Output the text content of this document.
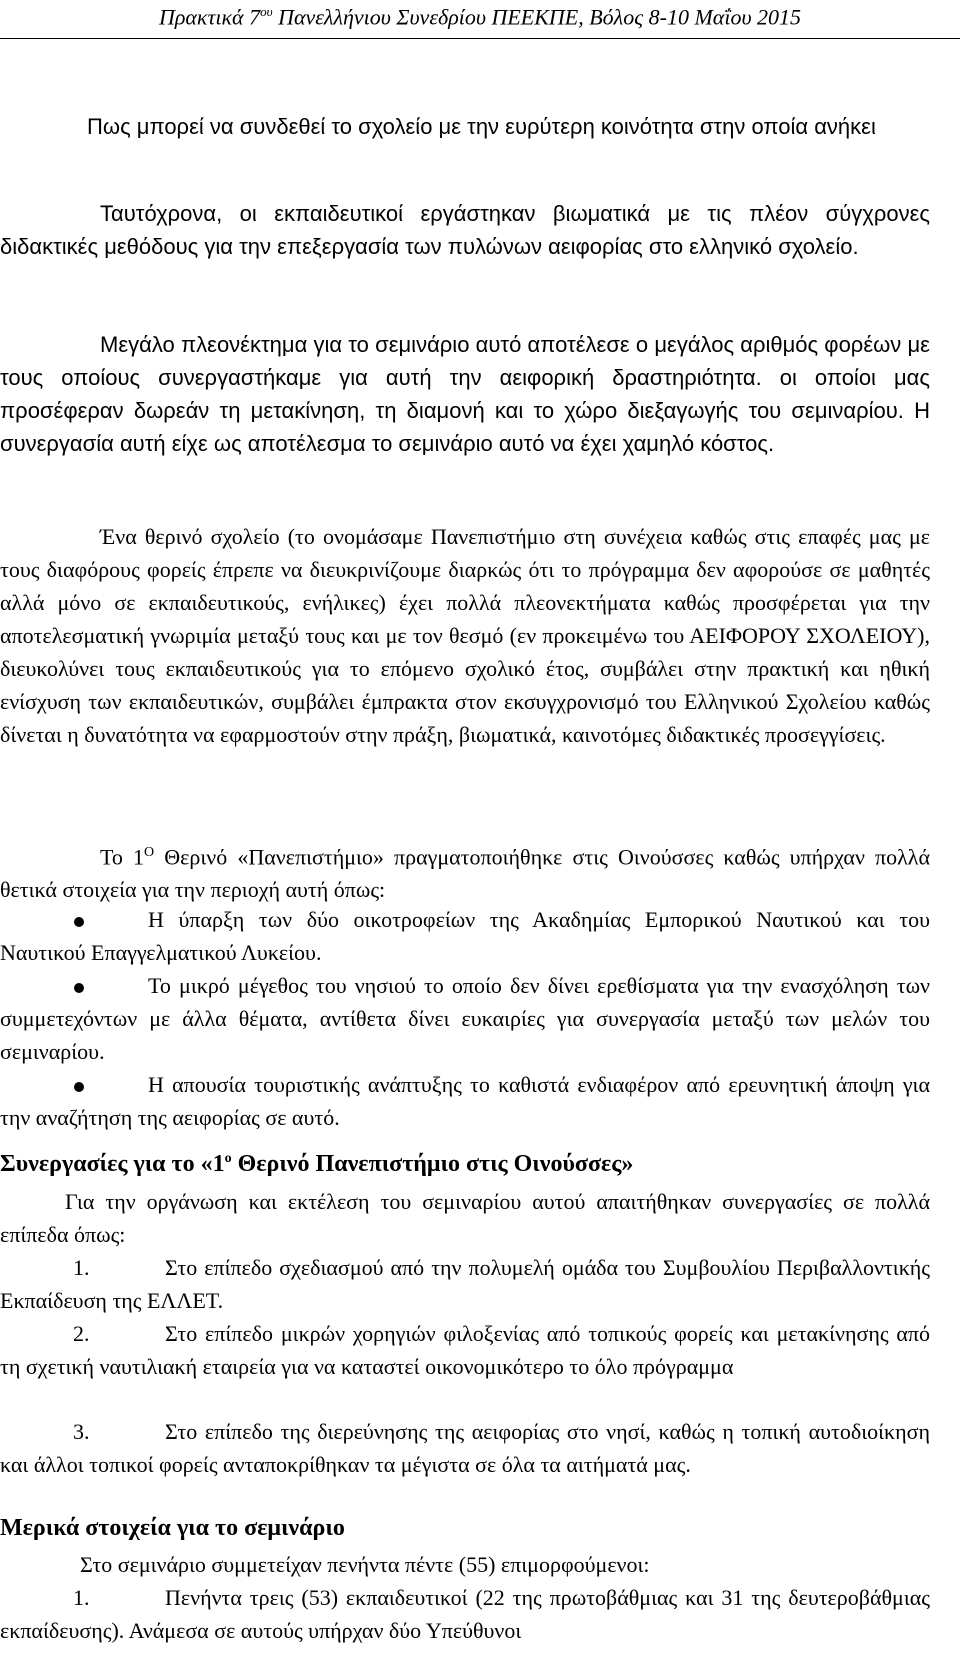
Πρακτικά $7^{o\upsilon}$ Πανελλήνιου Συνεδρίου ΠΕΕΚΠΕ, Βόλος 8-10 Μαΐου 2015
Πως μπορεί να συνδεθεί το σχολείο με την ευρύτερη κοινότητα στην οποία ανήκει
Ταυτόχρονα, οι εκπαιδευτικοί εργάστηκαν βιωματικά με τις πλέον σύγχρονες διδακτικές μεθόδους για την επεξεργασία των πυλώνων αειφορίας στο ελληνικό σχολείο.
Μεγάλο πλεονέκτημα για το σεμινάριο αυτό αποτέλεσε ο μεγάλος αριθμός φορέων με τους οποίους συνεργαστήκαμε για αυτή την αειφορική δραστηριότητα. οι οποίοι μας προσέφεραν δωρεάν τη μετακίνηση, τη διαμονή και το χώρο διεξαγωγής του σεμιναρίου. Η συνεργασία αυτή είχε ως αποτέλεσμα το σεμινάριο αυτό να έχει χαμηλό κόστος.
Ένα θερινό σχολείο (το ονομάσαμε Πανεπιστήμιο στη συνέχεια καθώς στις επαφές μας με τους διαφόρους φορείς έπρεπε να διευκρινίζουμε διαρκώς ότι το πρόγραμμα δεν αφορούσε σε μαθητές αλλά μόνο σε εκπαιδευτικούς, ενήλικες) έχει πολλά πλεονεκτήματα καθώς προσφέρεται για την αποτελεσματική γνωριμία μεταξύ τους και με τον θεσμό (εν προκειμένω του ΑΕΙΦΟΡΟΥ ΣΧΟΛΕΙΟΥ), διευκολύνει τους εκπαιδευτικούς για το επόμενο σχολικό έτος, συμβάλει στην πρακτική και ηθική ενίσχυση των εκπαιδευτικών, συμβάλει έμπρακτα στον εκσυγχρονισμό του Ελληνικού Σχολείου καθώς δίνεται η δυνατότητα να εφαρμοστούν στην πράξη, βιωματικά, καινοτόμες διδακτικές προσεγγίσεις.
Το $1^O$ Θερινό «Πανεπιστήμιο» πραγματοποιήθηκε στις Οινούσσες καθώς υπήρχαν πολλά θετικά στοιχεία για την περιοχή αυτή όπως:
Η ύπαρξη των δύο οικοτροφείων της Ακαδημίας Εμπορικού Ναυτικού και του Ναυτικού Επαγγελματικού Λυκείου.
Το μικρό μέγεθος του νησιού το οποίο δεν δίνει ερεθίσματα για την ενασχόληση των συμμετεχόντων με άλλα θέματα, αντίθετα δίνει ευκαιρίες για συνεργασία μεταξύ των μελών του σεμιναρίου.
Η απουσία τουριστικής ανάπτυξης το καθιστά ενδιαφέρον από ερευνητική άποψη για την αναζήτηση της αειφορίας σε αυτό.
Συνεργασίες για το «$1^o$ Θερινό Πανεπιστήμιο στις Οινούσσες»
Για την οργάνωση και εκτέλεση του σεμιναρίου αυτού απαιτήθηκαν συνεργασίες σε πολλά επίπεδα όπως:
1.	Στο επίπεδο σχεδιασμού από την πολυμελή ομάδα του Συμβουλίου Περιβαλλοντικής Εκπαίδευση της ΕΛΛΕΤ.
2.	Στο επίπεδο μικρών χορηγιών φιλοξενίας από τοπικούς φορείς και μετακίνησης από τη σχετική ναυτιλιακή εταιρεία για να καταστεί οικονομικότερο το όλο πρόγραμμα
3.	Στο επίπεδο της διερεύνησης της αειφορίας στο νησί, καθώς η τοπική αυτοδιοίκηση και άλλοι τοπικοί φορείς ανταποκρίθηκαν τα μέγιστα σε όλα τα αιτήματά μας.
Μερικά στοιχεία για το σεμινάριο
Στο σεμινάριο συμμετείχαν πενήντα πέντε (55) επιμορφούμενοι:
1.	Πενήντα τρεις (53) εκπαιδευτικοί (22 της πρωτοβάθμιας και 31 της δευτεροβάθμιας εκπαίδευσης). Ανάμεσα σε αυτούς υπήρχαν δύο Υπεύθυνοι
